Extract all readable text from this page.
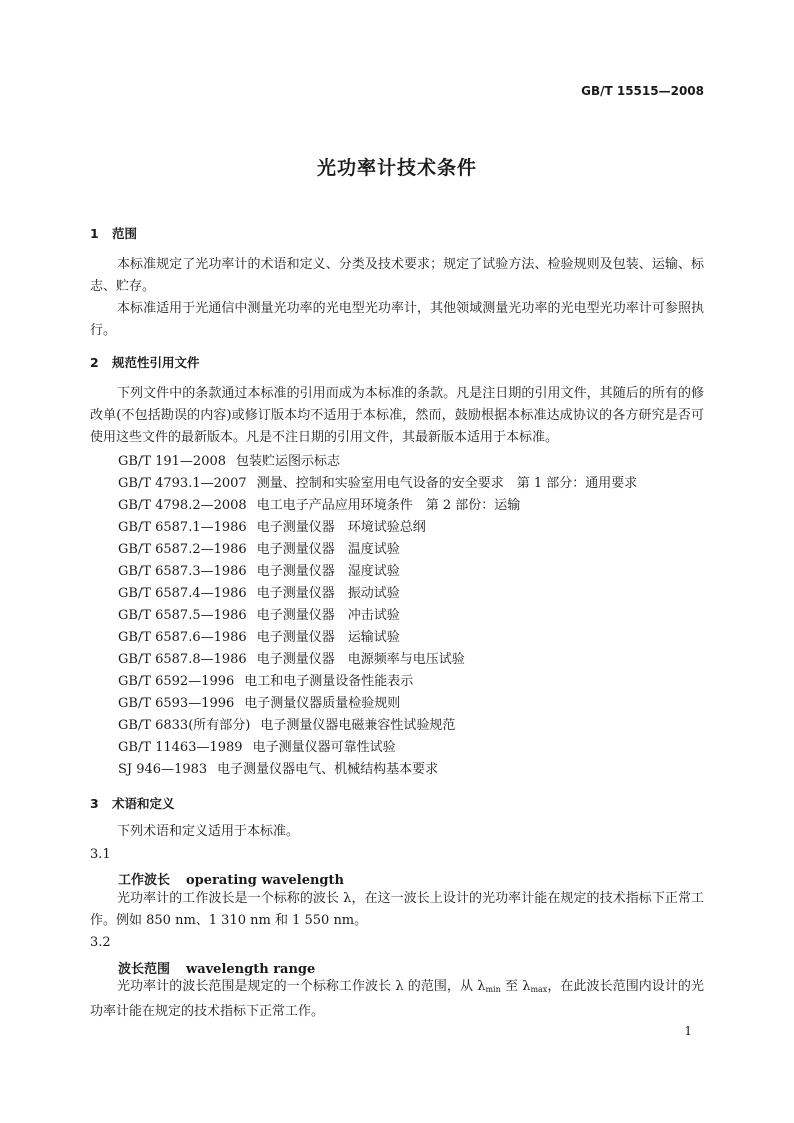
GB/T 15515—2008
光功率计技术条件
1 范围

本标准规定了光功率计的术语和定义、分类及技术要求；规定了试验方法、检验规则及包装、运输、标志、贮存。

本标准适用于光通信中测量光功率的光电型光功率计，其他领域测量光功率的光电型光功率计可参照执行。

2 规范性引用文件

下列文件中的条款通过本标准的引用而成为本标准的条款。凡是注日期的引用文件，其随后的所有的修改单(不包括勘误的内容)或修订版本均不适用于本标准，然而，鼓励根据本标准达成协议的各方研究是否可使用这些文件的最新版本。凡是不注日期的引用文件，其最新版本适用于本标准。

GB/T 191—2008 包装贮运图示标志
GB/T 4793.1—2007 测量、控制和实验室用电气设备的安全要求　第 1 部分：通用要求
GB/T 4798.2—2008 电工电子产品应用环境条件　第 2 部份：运输
GB/T 6587.1—1986 电子测量仪器　环境试验总纲
GB/T 6587.2—1986 电子测量仪器　温度试验
GB/T 6587.3—1986 电子测量仪器　湿度试验
GB/T 6587.4—1986 电子测量仪器　振动试验
GB/T 6587.5—1986 电子测量仪器　冲击试验
GB/T 6587.6—1986 电子测量仪器　运输试验
GB/T 6587.8—1986 电子测量仪器　电源频率与电压试验
GB/T 6592—1996 电工和电子测量设备性能表示
GB/T 6593—1996 电子测量仪器质量检验规则
GB/T 6833(所有部分) 电子测量仪器电磁兼容性试验规范
GB/T 11463—1989 电子测量仪器可靠性试验
SJ 946—1983 电子测量仪器电气、机械结构基本要求
3 术语和定义

下列术语和定义适用于本标准。

3.1
工作波长 operating wavelength

光功率计的工作波长是一个标称的波长 λ，在这一波长上设计的光功率计能在规定的技术指标下正常工作。例如 850 nm、1 310 nm 和 1 550 nm。

3.2
波长范围 wavelength range

光功率计的波长范围是规定的一个标称工作波长 λ 的范围，从 $\lambda_{min}$ 至 $\lambda_{max}$，在此波长范围内设计的光功率计能在规定的技术指标下正常工作。

1
